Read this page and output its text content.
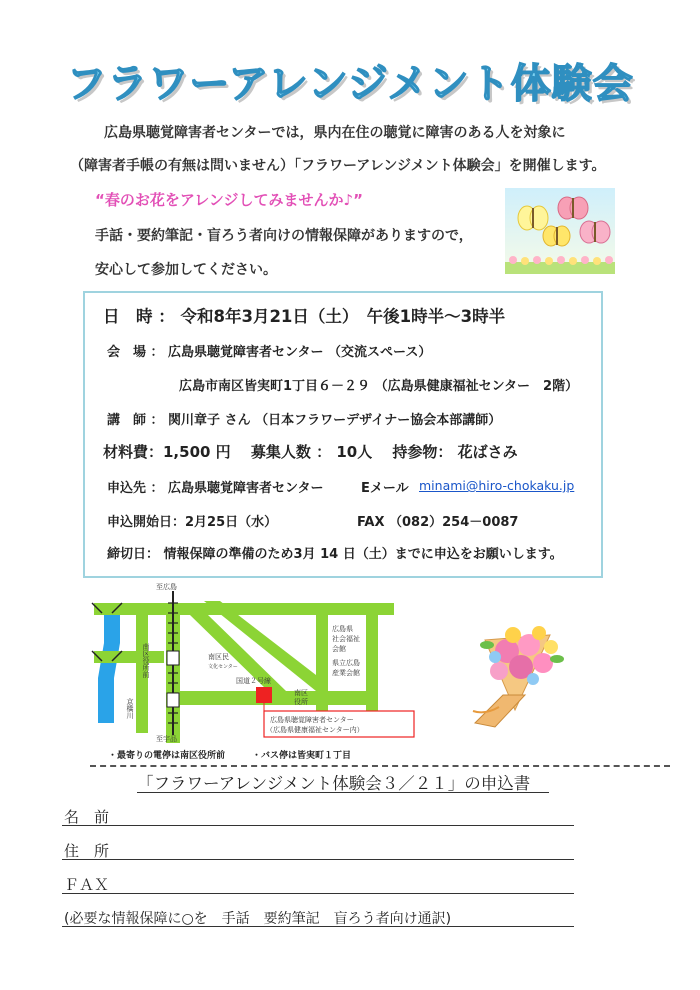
フラワーアレンジメント体験会
広島県聴覚障害者センターでは，県内在住の聴覚に障害のある人を対象に
（障害者手帳の有無は問いません）「フラワーアレンジメント体験会」を開催します。
“春のお花をアレンジしてみませんか♪”
手話・要約筆記・盲ろう者向けの情報保障がありますので，
安心して参加してください。
日　時 ： 令和8年3月21日（土）　午後1時半～3時半
会　場 ： 広島県聴覚障害者センター （交流スペース）
広島市南区皆実町1丁目６－２９ （広島県健康福祉センター　2階）
講　師 ： 関川章子 さん （日本フラワーデザイナー協会本部講師）
材料費：1,500 円　 募集人数 ： 10人　 持参物： 花ばさみ
申込先 ： 広島県聴覚障害者センター	Eメール minami@hiro-chokaku.jp
申込開始日：2月25日（水）	FAX （082）254－0087
締切日： 情報保障の準備のため3月 14 日（土）までに申込をお願いします。
至広島
至宇品
南区役所前
京橋川
南区民
文化センター
国道２号線
広島県
社会福祉
会館
県立広島
産業会館
南区
役所
広島県聴覚障害者センター
（広島県健康福祉センター内）
・最寄りの電停は南区役所前	・バス停は皆実町１丁目
「フラワーアレンジメント体験会３／２１」の申込書
名　前
住　所
ＦＡＸ
(必要な情報保障に○を　手話　要約筆記　盲ろう者向け通訳)
